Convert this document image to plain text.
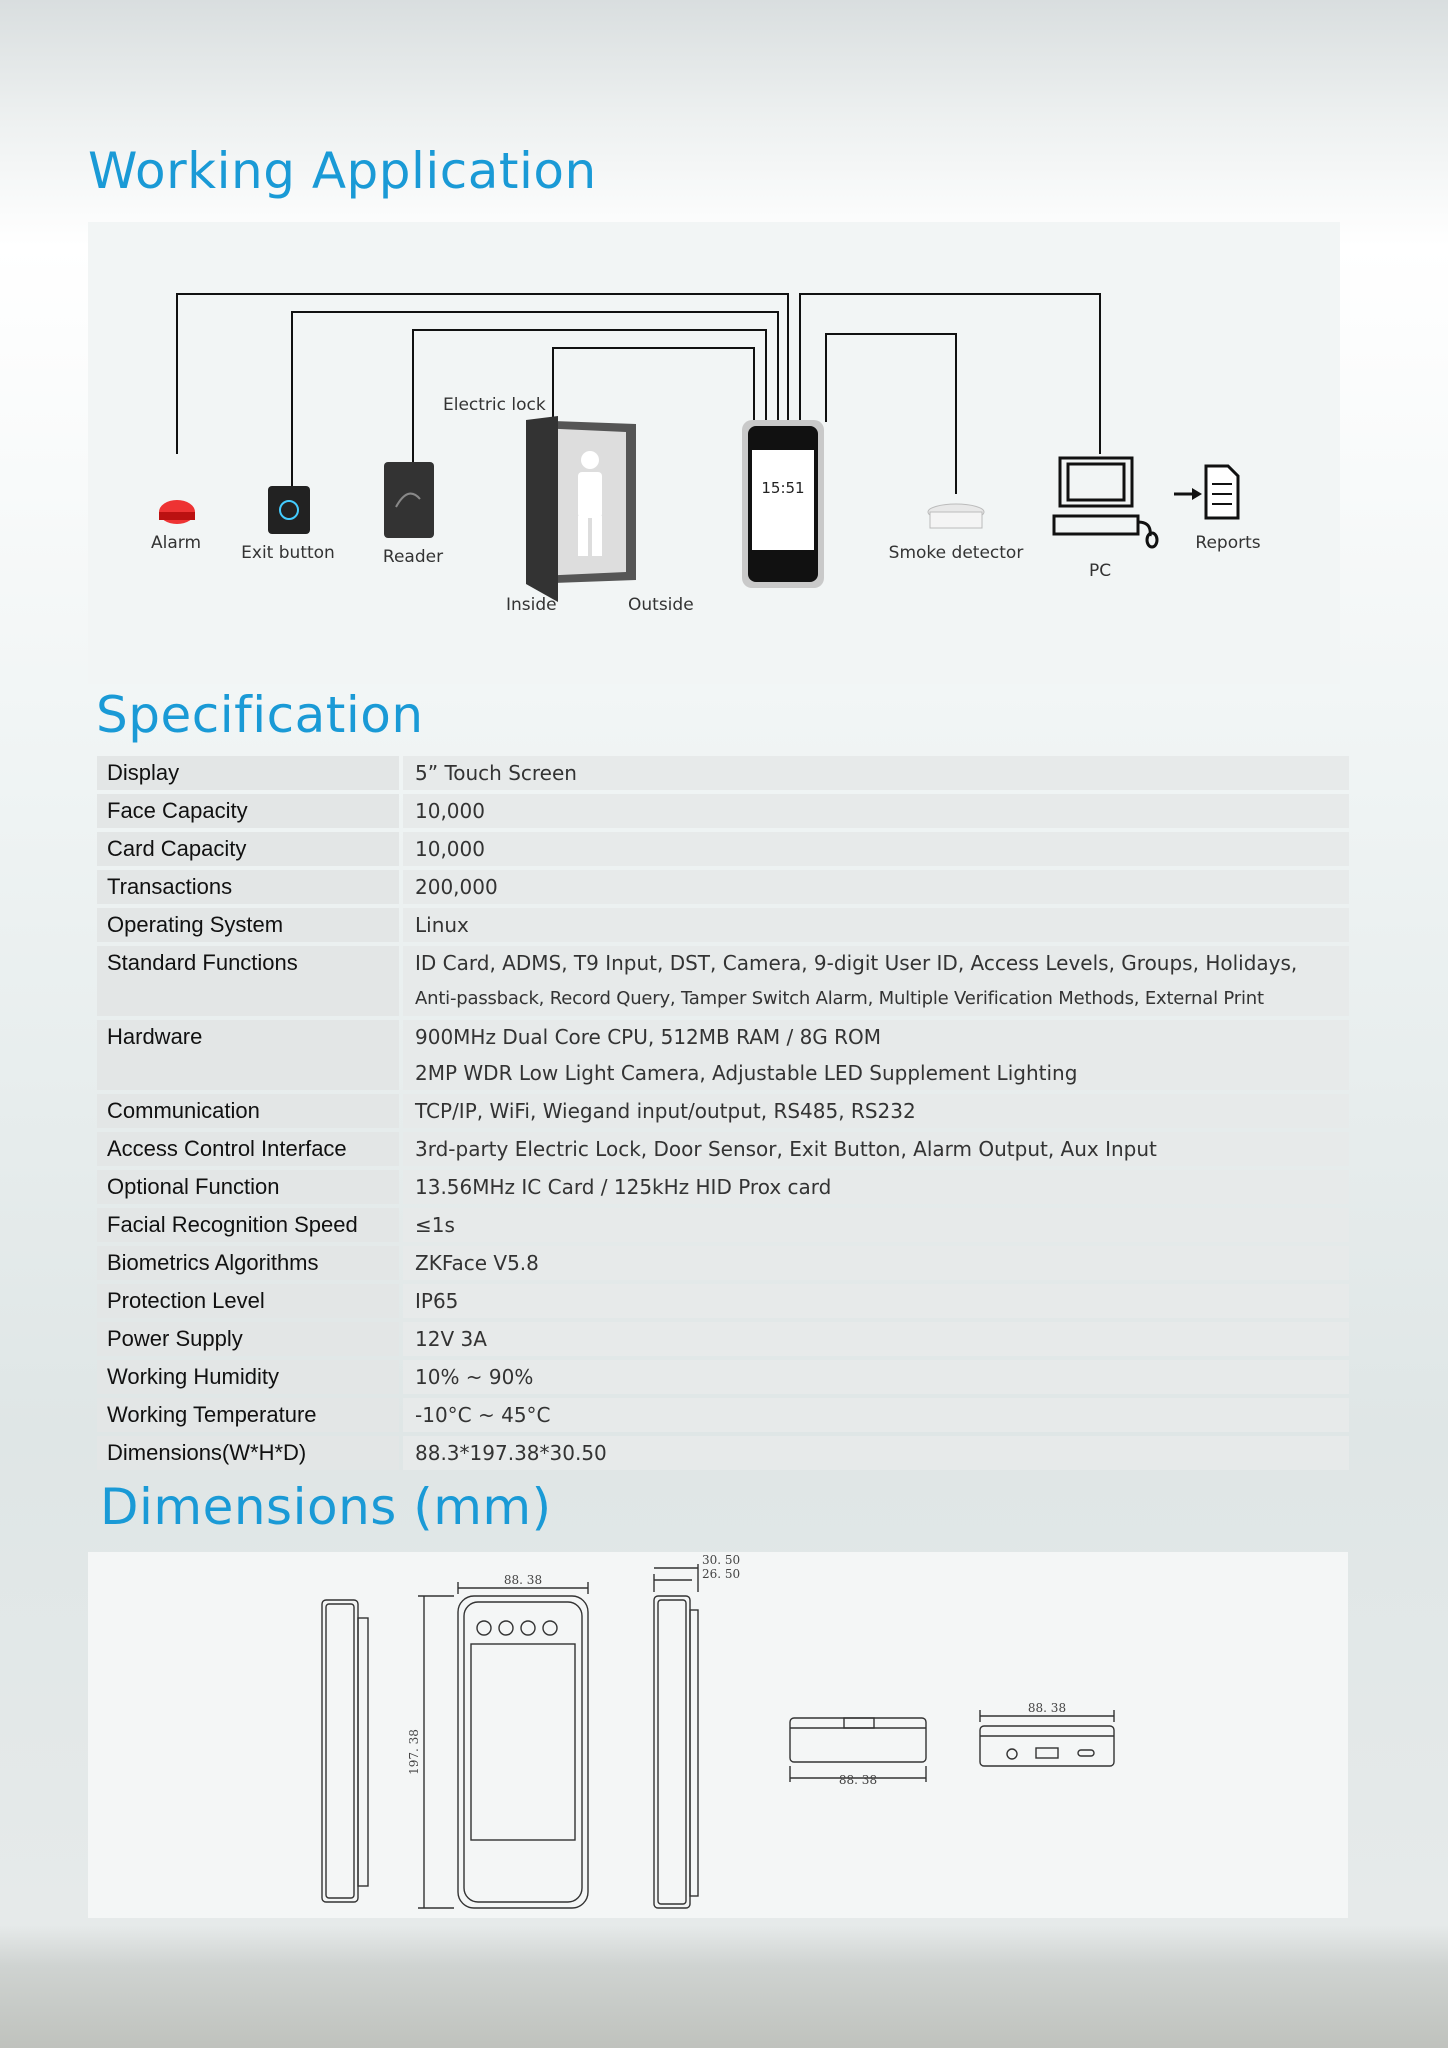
Working Application
Alarm Exit button	Reader
Electric lock
Inside	Outside
15:51
Smoke detector
PC
Reports
Specification
Display	5” Touch Screen
Face Capacity	10,000
Card Capacity	10,000
Transactions	200,000
Operating System	Linux
Standard Functions	ID Card, ADMS, T9 Input, DST, Camera, 9-digit User ID, Access Levels, Groups, Holidays,
Anti-passback, Record Query, Tamper Switch Alarm, Multiple Verification Methods, External Print
Hardware	900MHz Dual Core CPU, 512MB RAM / 8G ROM
2MP WDR Low Light Camera, Adjustable LED Supplement Lighting
Communication	TCP/IP, WiFi, Wiegand input/output, RS485, RS232
Access Control Interface	3rd-party Electric Lock, Door Sensor, Exit Button, Alarm Output, Aux Input
Optional Function	13.56MHz IC Card / 125kHz HID Prox card
Facial Recognition Speed	≤1s
Biometrics Algorithms	ZKFace V5.8
Protection Level	IP65
Power Supply	12V 3A
Working Humidity	10% ~ 90%
Working Temperature	-10°C ~ 45°C
Dimensions(W*H*D)	88.3*197.38*30.50
Dimensions (mm)
88. 38
197. 38
30. 50
26. 50
88. 38
88. 38
